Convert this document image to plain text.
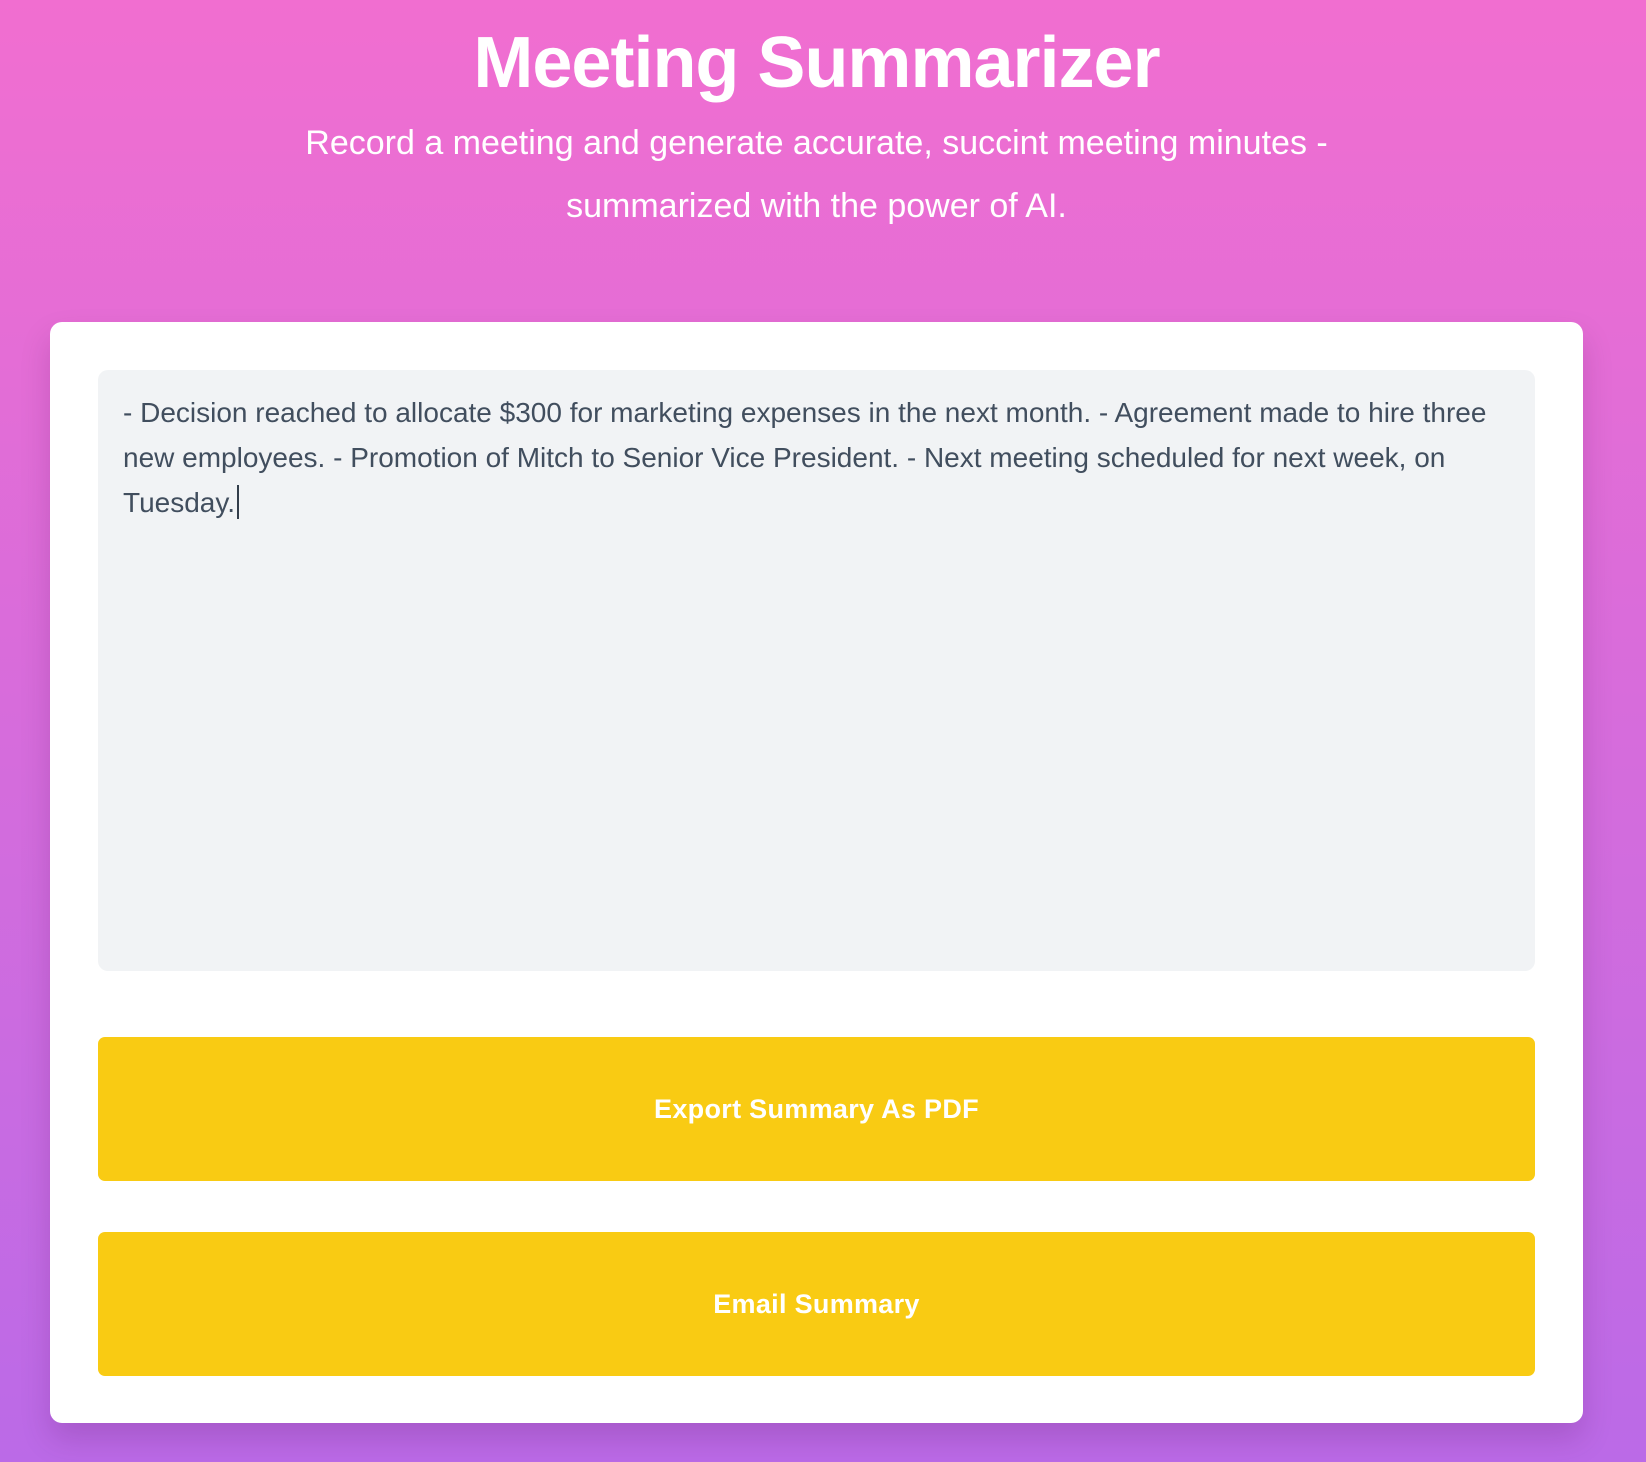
Meeting Summarizer
Record a meeting and generate accurate, succint meeting minutes -
summarized with the power of AI.
- Decision reached to allocate $300 for marketing expenses in the next month. - Agreement made to hire three new employees. - Promotion of Mitch to Senior Vice President. - Next meeting scheduled for next week, on Tuesday.
Export Summary As PDF
Email Summary
